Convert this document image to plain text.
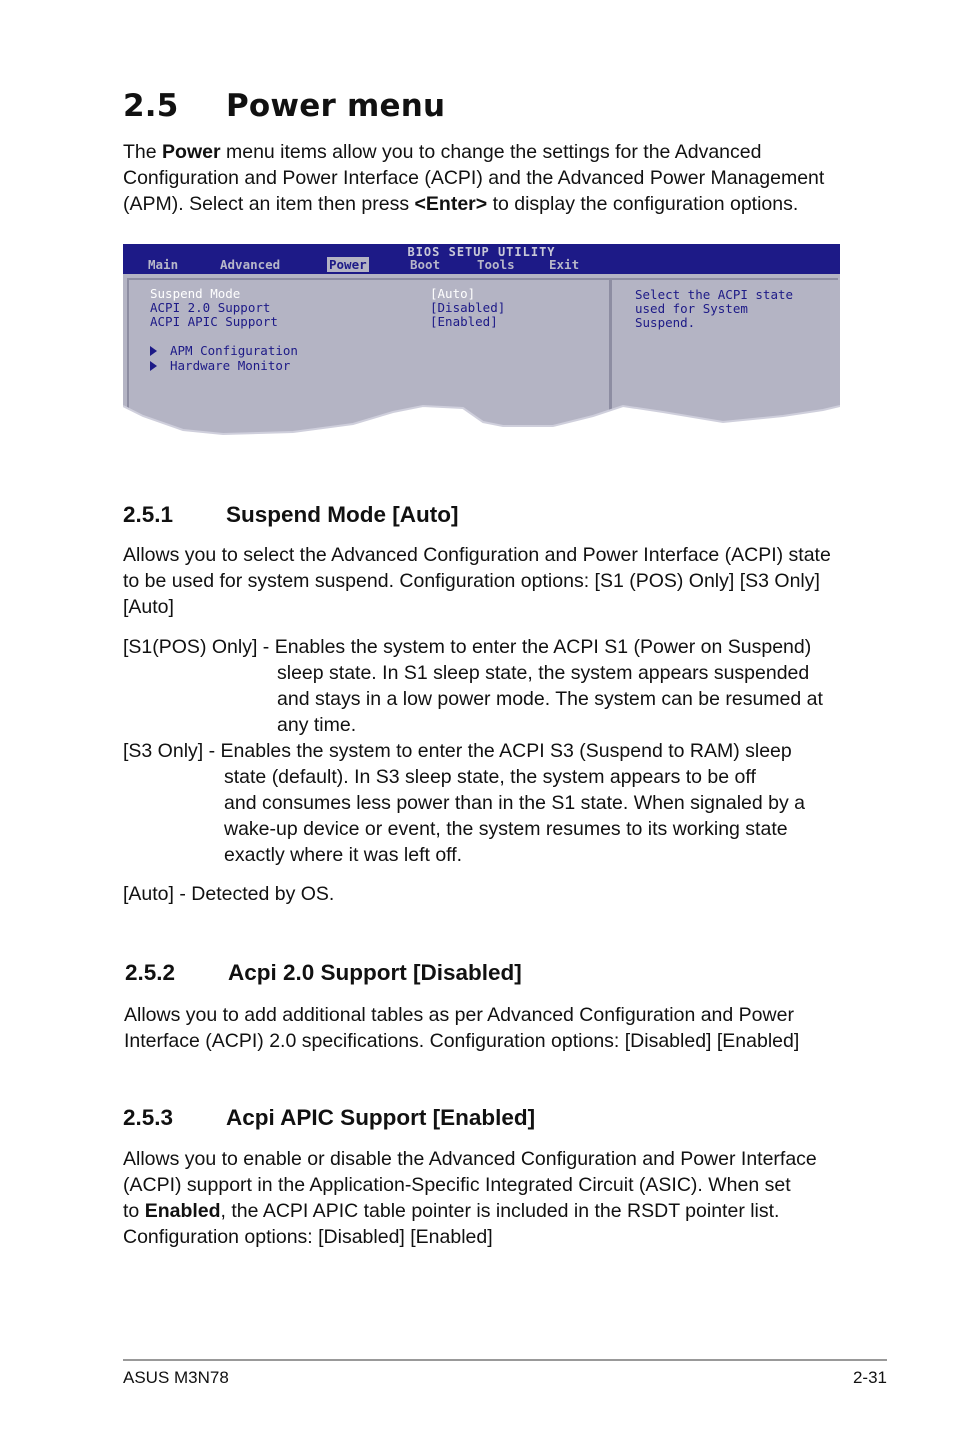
2.5 Power menu

The Power menu items allow you to change the settings for the Advanced

Configuration and Power Interface (ACPI) and the Advanced Power Management

(APM). Select an item then press <Enter> to display the configuration options.

BIOS SETUP UTILITY
Main	Advanced	Power	Boot	Tools	Exit
Suspend Mode	[Auto]
ACPI 2.0 Support	[Disabled]
ACPI APIC Support	[Enabled]
APM Configuration
Hardware Monitor
Select the ACPI state
used for System
Suspend.
2.5.1 Suspend Mode [Auto]

Allows you to select the Advanced Configuration and Power Interface (ACPI) state

to be used for system suspend. Configuration options: [S1 (POS) Only] [S3 Only]

[Auto]

[S1(POS) Only] - Enables the system to enter the ACPI S1 (Power on Suspend)

sleep state. In S1 sleep state, the system appears suspended

and stays in a low power mode. The system can be resumed at

any time.

[S3 Only] - Enables the system to enter the ACPI S3 (Suspend to RAM) sleep

state (default). In S3 sleep state, the system appears to be off

and consumes less power than in the S1 state. When signaled by a

wake-up device or event, the system resumes to its working state

exactly where it was left off.

[Auto] - Detected by OS.
2.5.2 Acpi 2.0 Support [Disabled]

Allows you to add additional tables as per Advanced Configuration and Power

Interface (ACPI) 2.0 specifications. Configuration options: [Disabled] [Enabled]

2.5.3 Acpi APIC Support [Enabled]

Allows you to enable or disable the Advanced Configuration and Power Interface

(ACPI) support in the Application-Specific Integrated Circuit (ASIC). When set

to Enabled, the ACPI APIC table pointer is included in the RSDT pointer list.

Configuration options: [Disabled] [Enabled]

ASUS M3N78	2-31
